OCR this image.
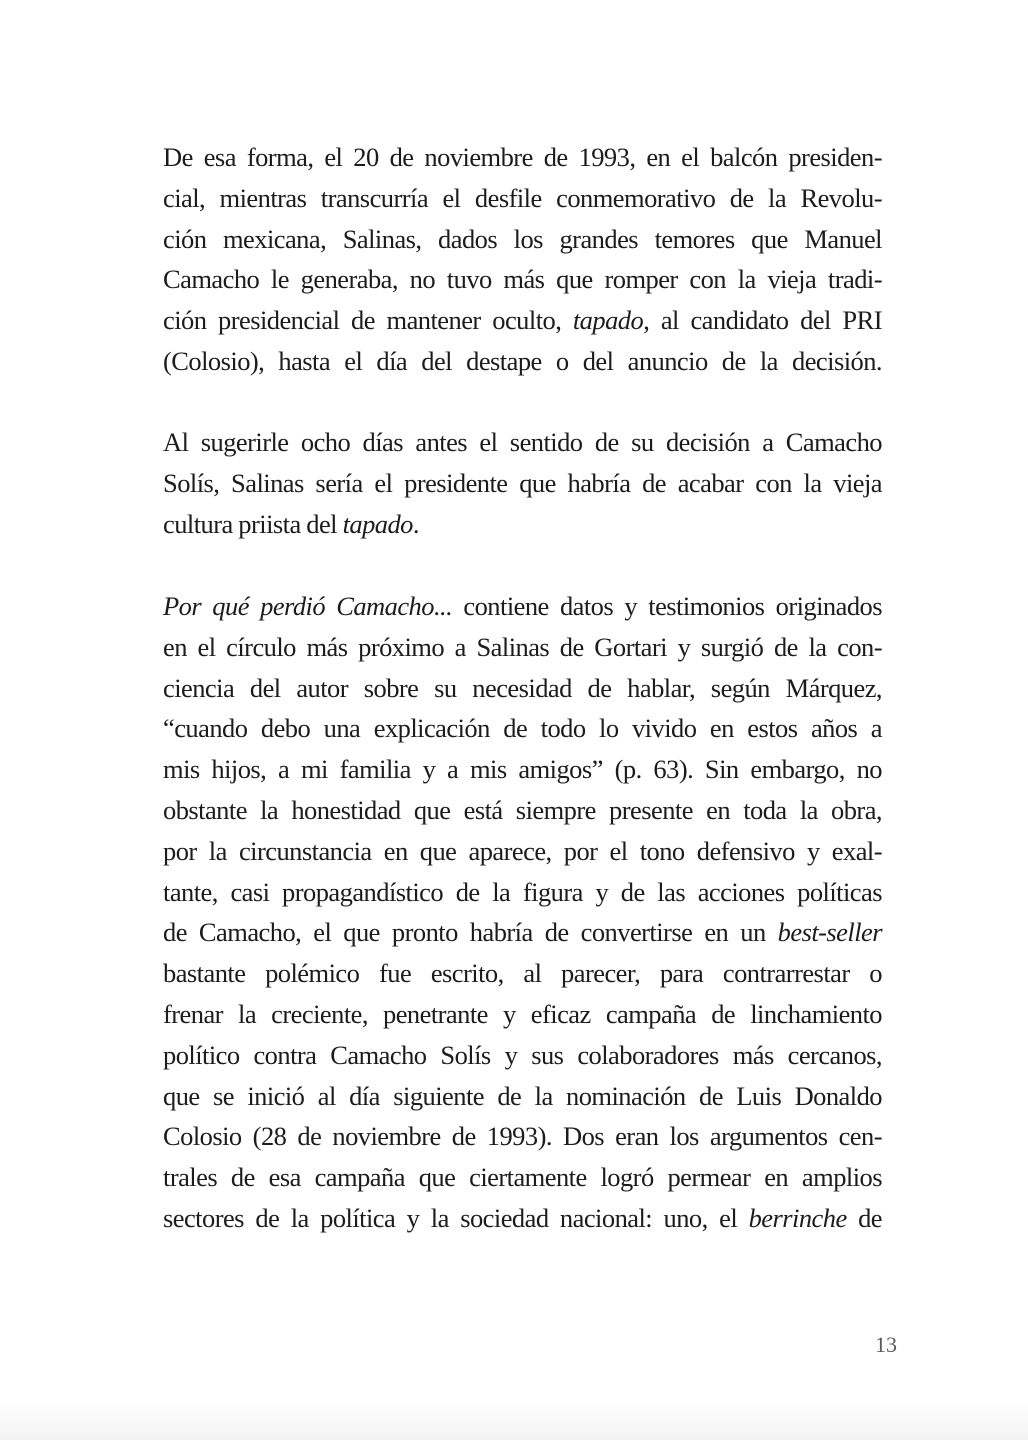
De esa forma, el 20 de noviembre de 1993, en el balcón presiden-
cial, mientras transcurría el desfile conmemorativo de la Revolu-
ción mexicana, Salinas, dados los grandes temores que Manuel
Camacho le generaba, no tuvo más que romper con la vieja tradi-
ción presidencial de mantener oculto, tapado, al candidato del PRI
(Colosio), hasta el día del destape o del anuncio de la decisión.
Al sugerirle ocho días antes el sentido de su decisión a Camacho
Solís, Salinas sería el presidente que habría de acabar con la vieja
cultura priista del tapado.
Por qué perdió Camacho... contiene datos y testimonios originados
en el círculo más próximo a Salinas de Gortari y surgió de la con-
ciencia del autor sobre su necesidad de hablar, según Márquez,
“cuando debo una explicación de todo lo vivido en estos años a
mis hijos, a mi familia y a mis amigos” (p. 63). Sin embargo, no
obstante la honestidad que está siempre presente en toda la obra,
por la circunstancia en que aparece, por el tono defensivo y exal-
tante, casi propagandístico de la figura y de las acciones políticas
de Camacho, el que pronto habría de convertirse en un best-seller
bastante polémico fue escrito, al parecer, para contrarrestar o
frenar la creciente, penetrante y eficaz campaña de linchamiento
político contra Camacho Solís y sus colaboradores más cercanos,
que se inició al día siguiente de la nominación de Luis Donaldo
Colosio (28 de noviembre de 1993). Dos eran los argumentos cen-
trales de esa campaña que ciertamente logró permear en amplios
sectores de la política y la sociedad nacional: uno, el berrinche de
13
